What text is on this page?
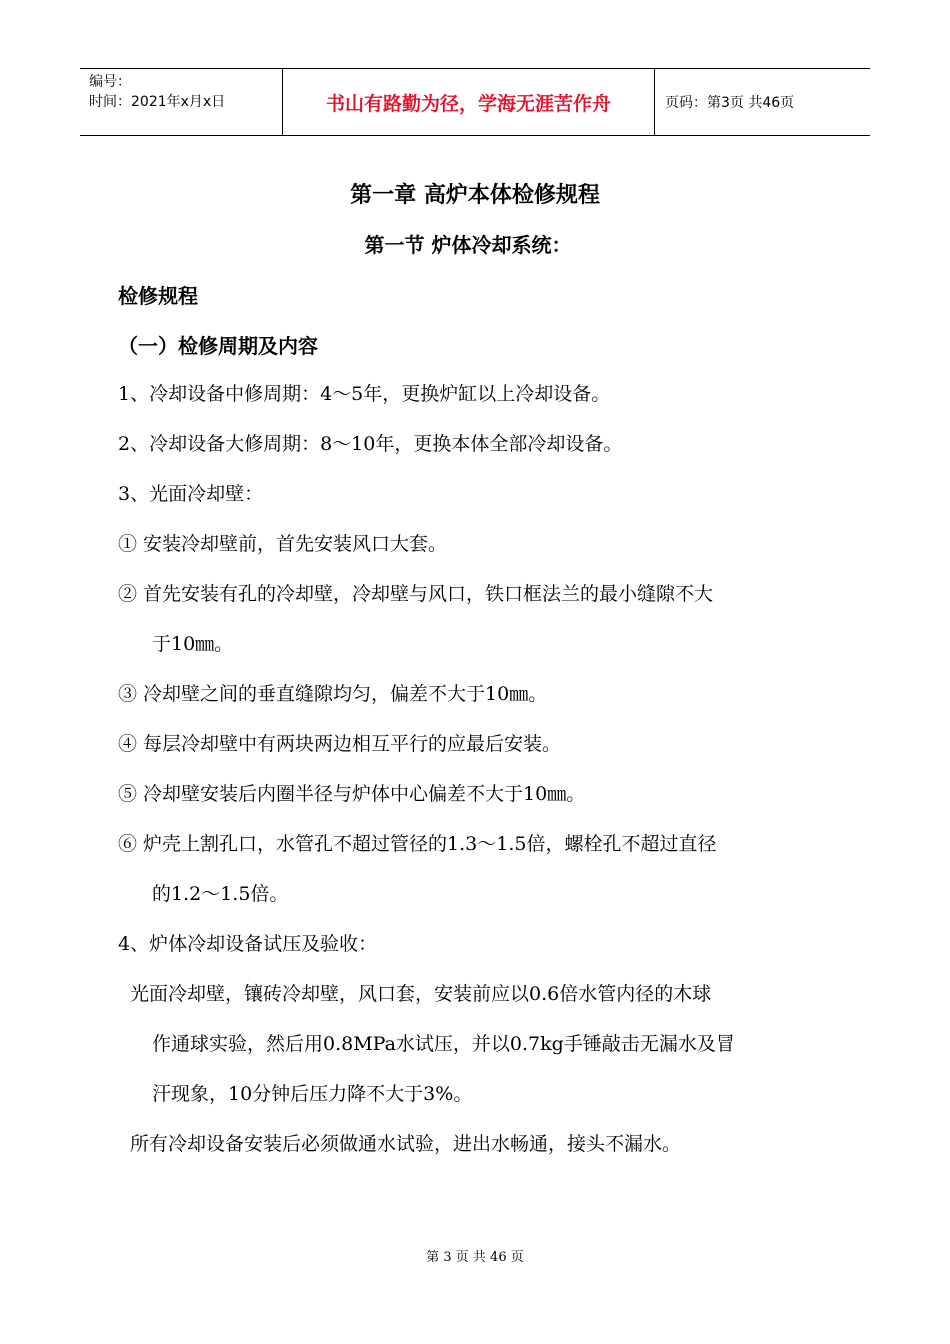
编号：
时间：2021年x月x日	书山有路勤为径，学海无涯苦作舟	页码：第3页 共46页
第一章 高炉本体检修规程
第一节 炉体冷却系统：
检修规程
（一）检修周期及内容
1、冷却设备中修周期：4～5年，更换炉缸以上冷却设备。
2、冷却设备大修周期：8～10年，更换本体全部冷却设备。
3、光面冷却壁：
① 安装冷却壁前，首先安装风口大套。
② 首先安装有孔的冷却壁，冷却壁与风口，铁口框法兰的最小缝隙不大
于10㎜。
③ 冷却壁之间的垂直缝隙均匀，偏差不大于10㎜。
④ 每层冷却壁中有两块两边相互平行的应最后安装。
⑤ 冷却壁安装后内圈半径与炉体中心偏差不大于10㎜。
⑥ 炉壳上割孔口，水管孔不超过管径的1.3～1.5倍，螺栓孔不超过直径
的1.2～1.5倍。
4、炉体冷却设备试压及验收：
光面冷却壁，镶砖冷却壁，风口套，安装前应以0.6倍水管内径的木球
作通球实验，然后用0.8MPa水试压，并以0.7kg手锤敲击无漏水及冒
汗现象，10分钟后压力降不大于3%。
所有冷却设备安装后必须做通水试验，进出水畅通，接头不漏水。
第 3 页 共 46 页
